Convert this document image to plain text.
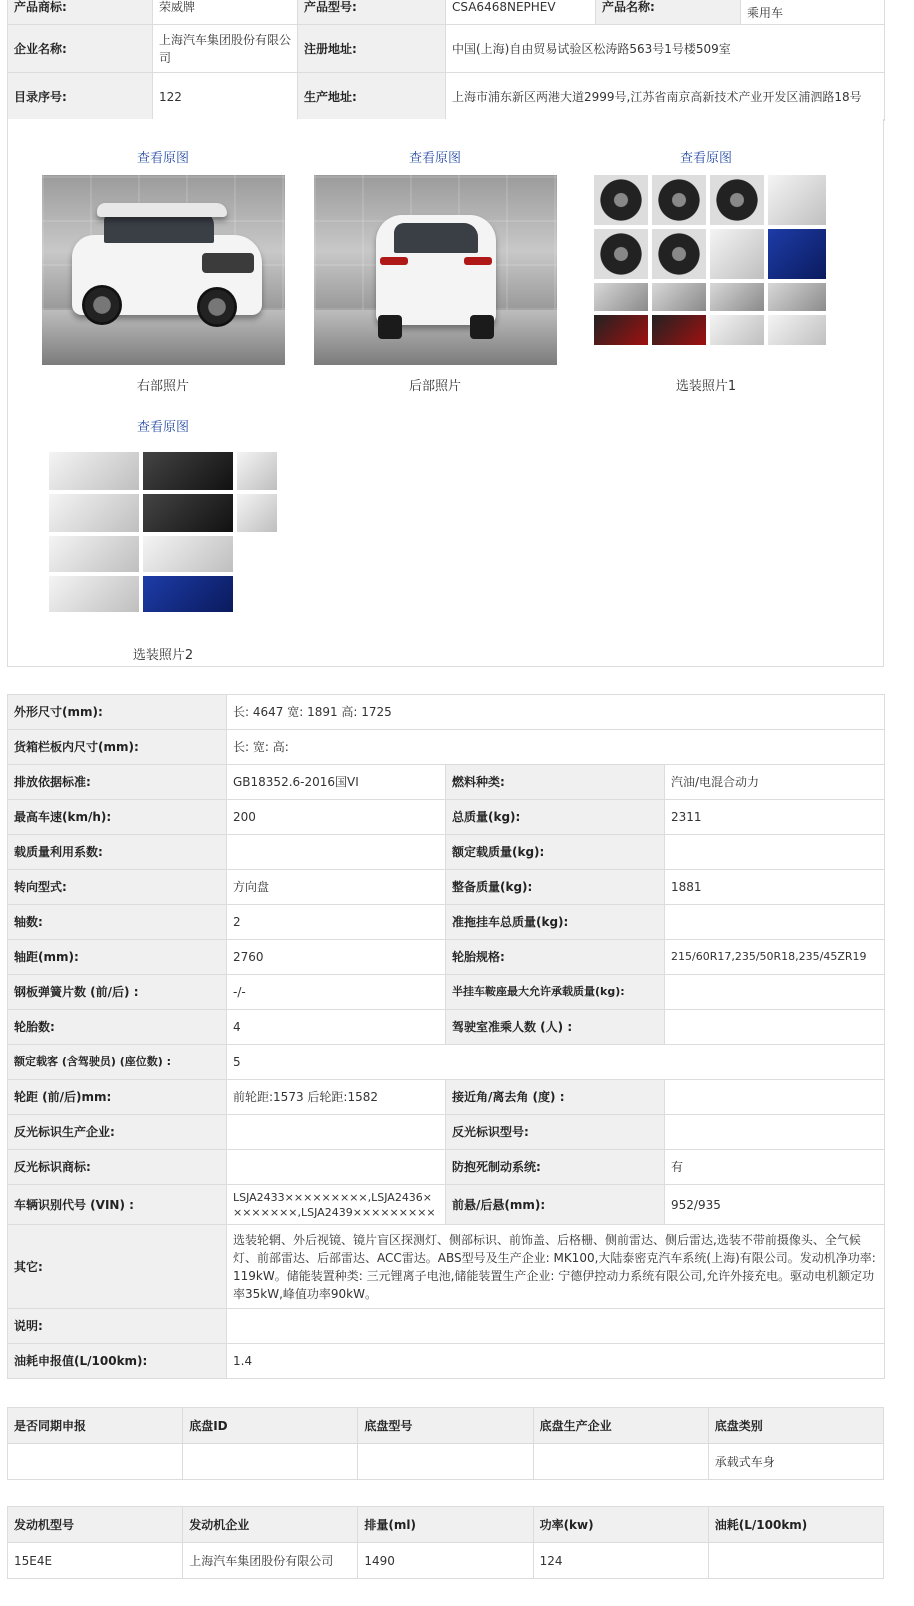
产品商标:	荣威牌	产品型号:	CSA6468NEPHEV	产品名称:	乘用车
企业名称:	上海汽车集团股份有限公司	注册地址:	中国(上海)自由贸易试验区松涛路563号1号楼509室		
目录序号:	122	生产地址:	上海市浦东新区两港大道2999号,江苏省南京高新技术产业开发区浦泗路18号		
查看原图
右部照片
查看原图
后部照片
查看原图
选装照片1
查看原图
选装照片2
外形尺寸(mm):	长: 4647 宽: 1891 高: 1725		
货箱栏板内尺寸(mm):	长: 宽: 高:		
排放依据标准:	GB18352.6-2016国VI	燃料种类:	汽油/电混合动力
最高车速(km/h):	200	总质量(kg):	2311
载质量利用系数:		额定载质量(kg):	
转向型式:	方向盘	整备质量(kg):	1881
轴数:	2	准拖挂车总质量(kg):	
轴距(mm):	2760	轮胎规格:	215/60R17,235/50R18,235/45ZR19
钢板弹簧片数 (前/后) :	-/-	半挂车鞍座最大允许承载质量(kg):	
轮胎数:	4	驾驶室准乘人数 (人) :	
额定载客 (含驾驶员) (座位数) :	5		
轮距 (前/后)mm:	前轮距:1573 后轮距:1582	接近角/离去角 (度) :	
反光标识生产企业:		反光标识型号:	
反光标识商标:		防抱死制动系统:	有
车辆识别代号 (VIN) :	LSJA2433×××××××××,LSJA2436××××××××,LSJA2439×××××××××	前悬/后悬(mm):	952/935
其它:	选装轮辋、外后视镜、镜片盲区探测灯、侧部标识、前饰盖、后格栅、侧前雷达、侧后雷达,选装不带前摄像头、全气候灯、前部雷达、后部雷达、ACC雷达。ABS型号及生产企业: MK100,大陆泰密克汽车系统(上海)有限公司。发动机净功率: 119kW。储能装置种类: 三元锂离子电池,储能装置生产企业: 宁德伊控动力系统有限公司,允许外接充电。驱动电机额定功率35kW,峰值功率90kW。		
说明:			
油耗申报值(L/100km):	1.4		
是否同期申报	底盘ID	底盘型号	底盘生产企业	底盘类别
				承载式车身
发动机型号	发动机企业	排量(ml)	功率(kw)	油耗(L/100km)
15E4E	上海汽车集团股份有限公司	1490	124	
